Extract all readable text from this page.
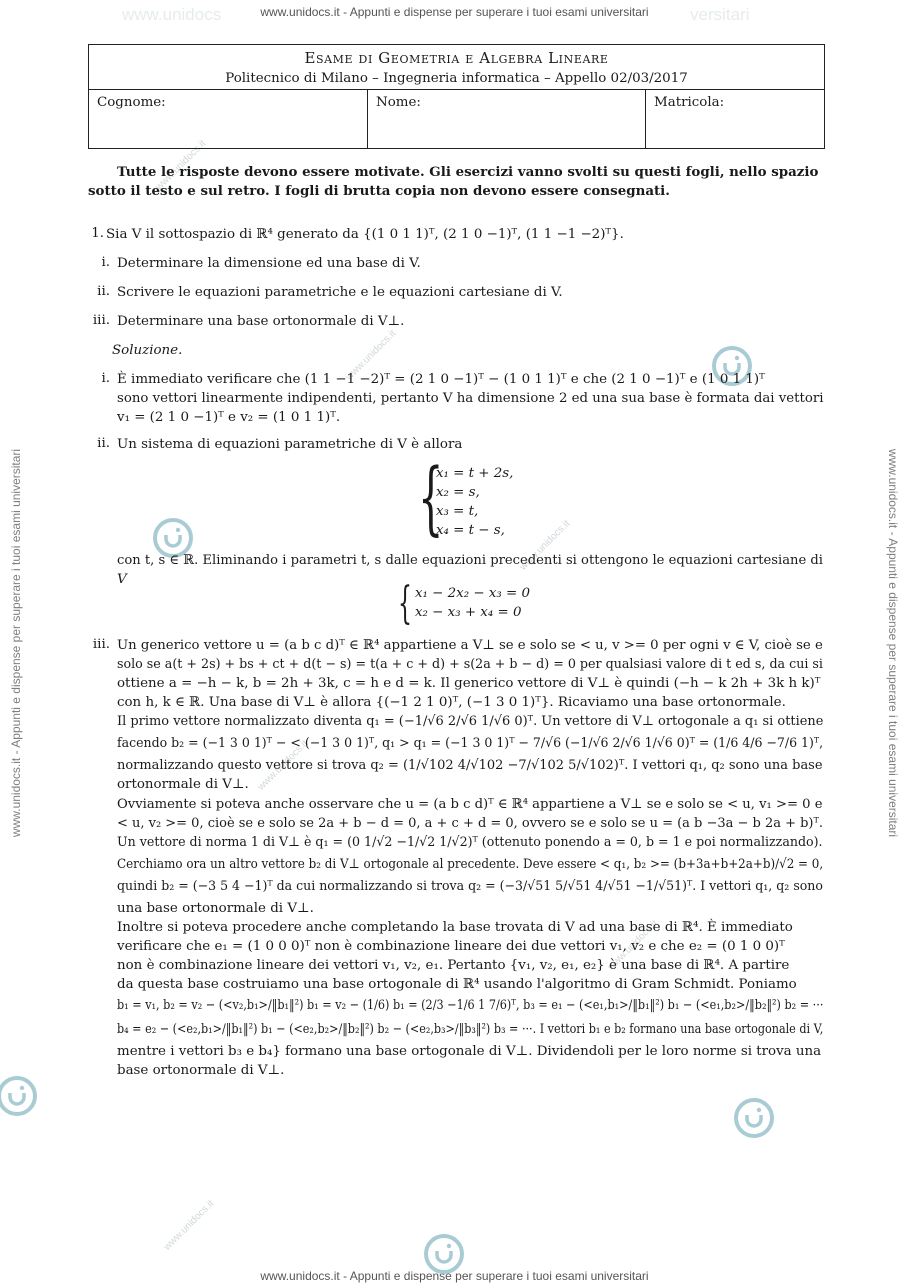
www.unidocs	versitari
www.unidocs.it - Appunti e dispense per superare i tuoi esami universitari
www.unidocs.it - Appunti e dispense per superare i tuoi esami universitari
www.unidocs.it - Appunti e dispense per superare i tuoi esami universitari	www.unidocs.it - Appunti e dispense per superare i tuoi esami universitari
www.unidocs.it
www.unidocs.it
www.unidocs.it
www.unidocs.it
www.unidocs.it
www.unidocs.it
Esame di Geometria e Algebra Lineare
Politecnico di Milano – Ingegneria informatica – Appello 02/03/2017
Cognome:	Nome:	Matricola:
Tutte le risposte devono essere motivate. Gli esercizi vanno svolti su questi fogli, nello spazio
sotto il testo e sul retro. I fogli di brutta copia non devono essere consegnati.
1. Sia V il sottospazio di ℝ⁴ generato da {(1 0 1 1)ᵀ, (2 1 0 −1)ᵀ, (1 1 −1 −2)ᵀ}.
i. Determinare la dimensione ed una base di V.
ii. Scrivere le equazioni parametriche e le equazioni cartesiane di V.
iii. Determinare una base ortonormale di V⊥.
Soluzione.
i. È immediato verificare che (1 1 −1 −2)ᵀ = (2 1 0 −1)ᵀ − (1 0 1 1)ᵀ e che (2 1 0 −1)ᵀ e (1 0 1 1)ᵀ
sono vettori linearmente indipendenti, pertanto V ha dimensione 2 ed una sua base è formata dai vettori
v₁ = (2 1 0 −1)ᵀ e v₂ = (1 0 1 1)ᵀ.
ii. Un sistema di equazioni parametriche di V è allora
{
x₁ = t + 2s,
x₂ = s,
x₃ = t,
x₄ = t − s,
con t, s ∈ ℝ. Eliminando i parametri t, s dalle equazioni precedenti si ottengono le equazioni cartesiane di
V	{ x₁ − 2x₂ − x₃ = 0
x₂ − x₃ + x₄ = 0
iii. Un generico vettore u = (a b c d)ᵀ ∈ ℝ⁴ appartiene a V⊥ se e solo se < u, v >= 0 per ogni v ∈ V, cioè se e
solo se a(t + 2s) + bs + ct + d(t − s) = t(a + c + d) + s(2a + b − d) = 0 per qualsiasi valore di t ed s, da cui si
ottiene a = −h − k, b = 2h + 3k, c = h e d = k. Il generico vettore di V⊥ è quindi (−h − k 2h + 3k h k)ᵀ
con h, k ∈ ℝ. Una base di V⊥ è allora {(−1 2 1 0)ᵀ, (−1 3 0 1)ᵀ}. Ricaviamo una base ortonormale.
Il primo vettore normalizzato diventa q₁ = (−1/√6 2/√6 1/√6 0)ᵀ. Un vettore di V⊥ ortogonale a q₁ si ottiene
facendo b₂ = (−1 3 0 1)ᵀ − < (−1 3 0 1)ᵀ, q₁ > q₁ = (−1 3 0 1)ᵀ − 7/√6 (−1/√6 2/√6 1/√6 0)ᵀ = (1/6 4/6 −7/6 1)ᵀ,
normalizzando questo vettore si trova q₂ = (1/√102 4/√102 −7/√102 5/√102)ᵀ. I vettori q₁, q₂ sono una base
ortonormale di V⊥.
Ovviamente si poteva anche osservare che u = (a b c d)ᵀ ∈ ℝ⁴ appartiene a V⊥ se e solo se < u, v₁ >= 0 e
< u, v₂ >= 0, cioè se e solo se 2a + b − d = 0, a + c + d = 0, ovvero se e solo se u = (a b −3a − b 2a + b)ᵀ.
Un vettore di norma 1 di V⊥ è q₁ = (0 1/√2 −1/√2 1/√2)ᵀ (ottenuto ponendo a = 0, b = 1 e poi normalizzando).
Cerchiamo ora un altro vettore b₂ di V⊥ ortogonale al precedente. Deve essere < q₁, b₂ >= (b+3a+b+2a+b)/√2 = 0,
quindi b₂ = (−3 5 4 −1)ᵀ da cui normalizzando si trova q₂ = (−3/√51 5/√51 4/√51 −1/√51)ᵀ. I vettori q₁, q₂ sono
una base ortonormale di V⊥.
Inoltre si poteva procedere anche completando la base trovata di V ad una base di ℝ⁴. È immediato
verificare che e₁ = (1 0 0 0)ᵀ non è combinazione lineare dei due vettori v₁, v₂ e che e₂ = (0 1 0 0)ᵀ
non è combinazione lineare dei vettori v₁, v₂, e₁. Pertanto {v₁, v₂, e₁, e₂} è una base di ℝ⁴. A partire
da questa base costruiamo una base ortogonale di ℝ⁴ usando l'algoritmo di Gram Schmidt. Poniamo
b₁ = v₁, b₂ = v₂ − (<v₂,b₁>/‖b₁‖²) b₁ = v₂ − (1/6) b₁ = (2/3 −1/6 1 7/6)ᵀ, b₃ = e₁ − (<e₁,b₁>/‖b₁‖²) b₁ − (<e₁,b₂>/‖b₂‖²) b₂ = ···
b₄ = e₂ − (<e₂,b₁>/‖b₁‖²) b₁ − (<e₂,b₂>/‖b₂‖²) b₂ − (<e₂,b₃>/‖b₃‖²) b₃ = ···. I vettori b₁ e b₂ formano una base ortogonale di V,
mentre i vettori b₃ e b₄} formano una base ortogonale di V⊥. Dividendoli per le loro norme si trova una
base ortonormale di V⊥.
